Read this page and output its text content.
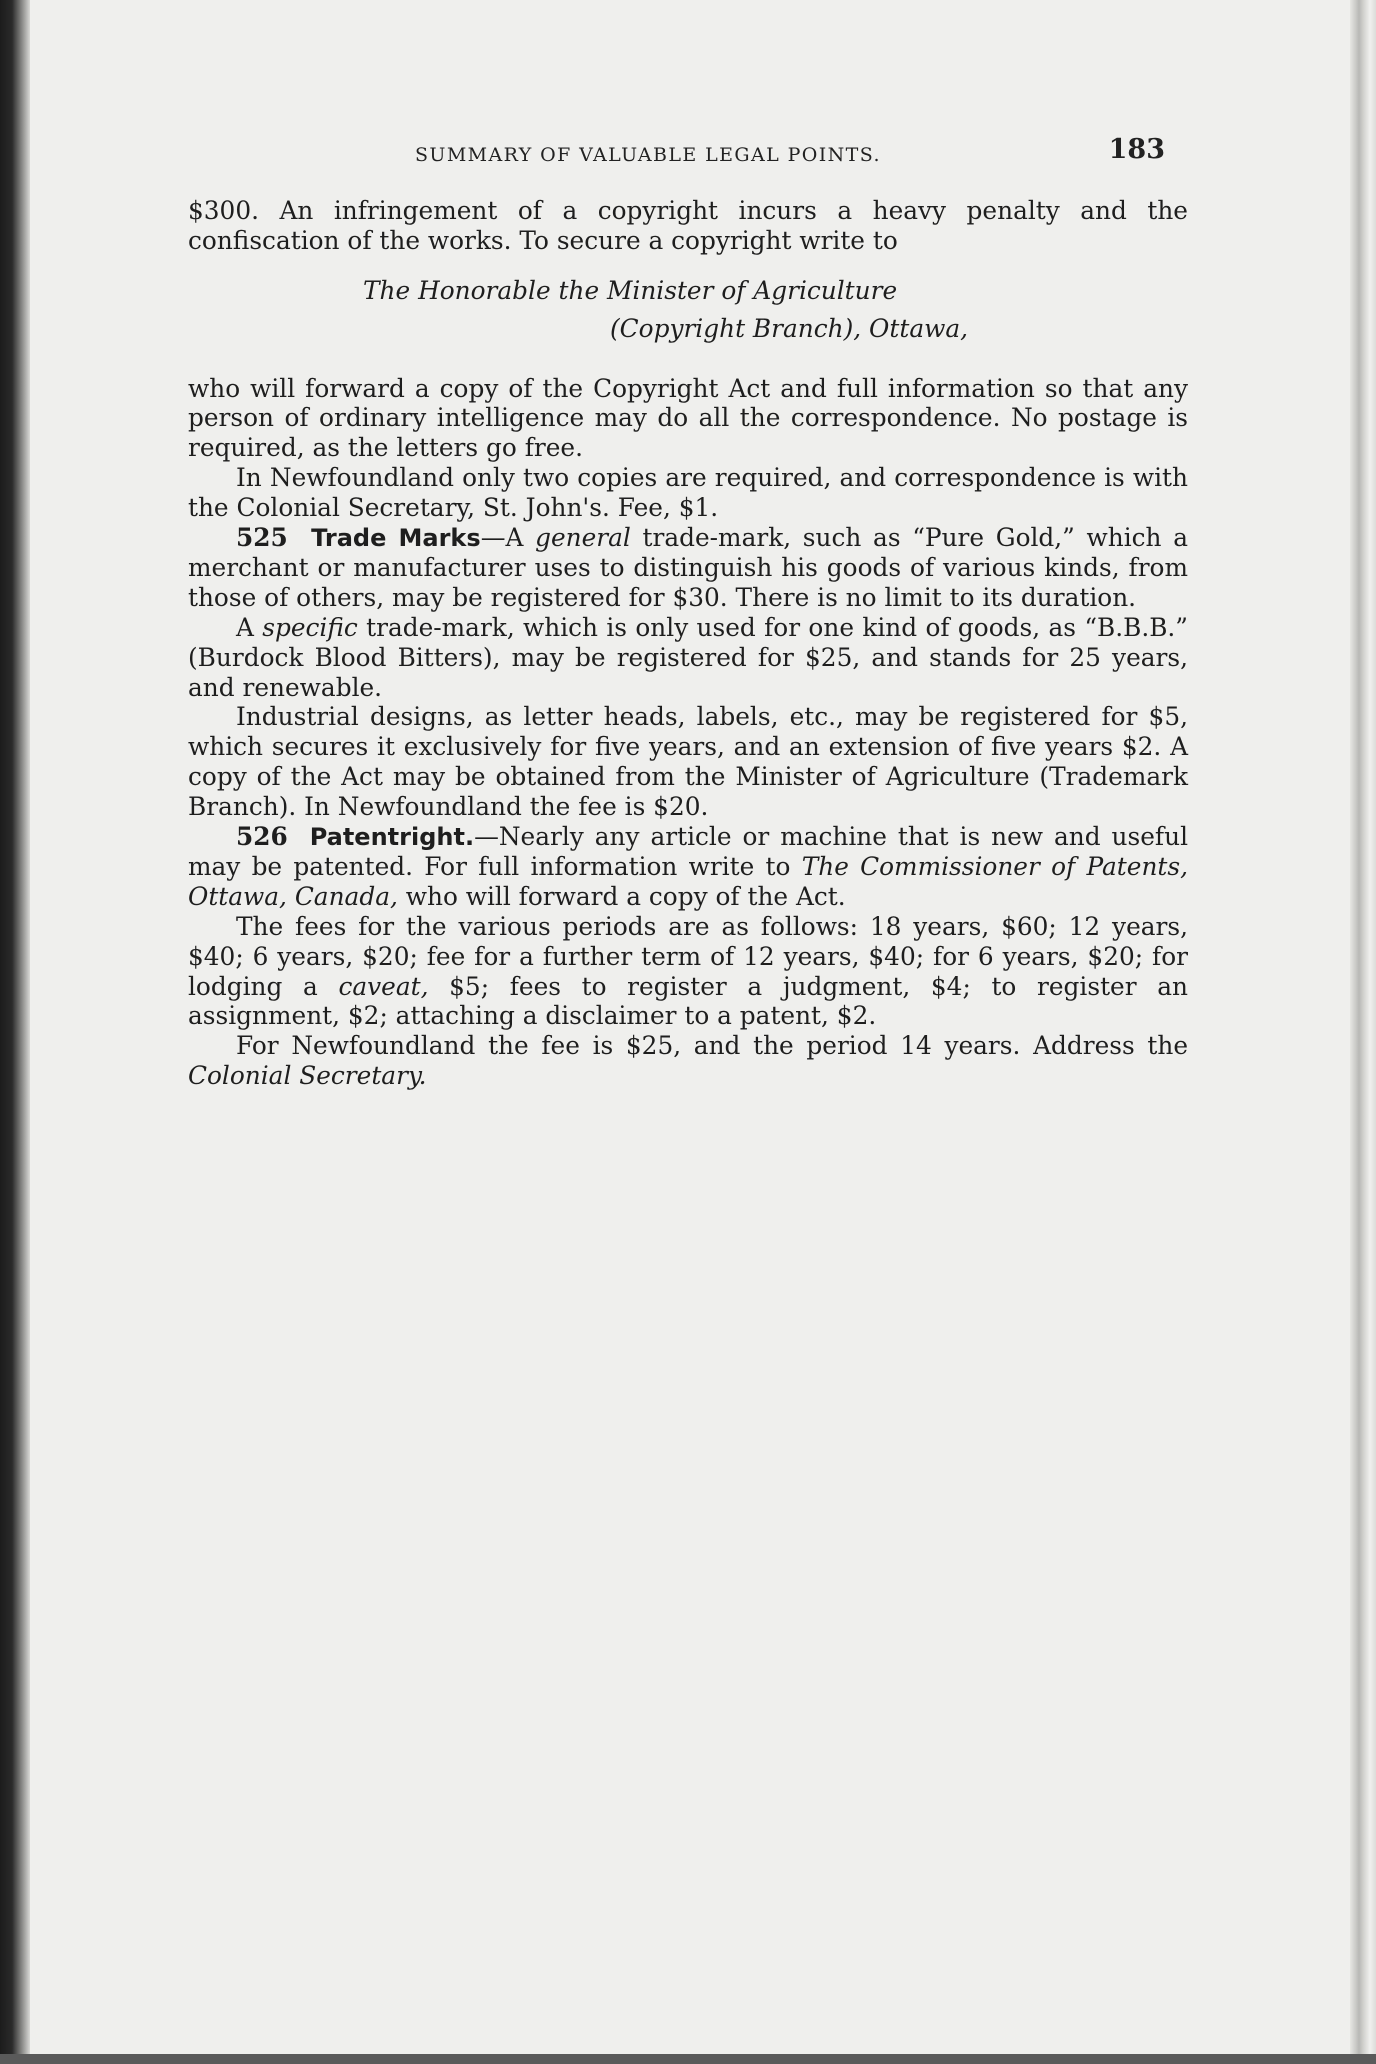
SUMMARY OF VALUABLE LEGAL POINTS.	183

$300. An infringement of a copyright incurs a heavy penalty and the confiscation of the works. To secure a copyright write to

The Honorable the Minister of Agriculture
(Copyright Branch), Ottawa,

who will forward a copy of the Copyright Act and full information so that any person of ordinary intelligence may do all the correspondence. No postage is required, as the letters go free.

In Newfoundland only two copies are required, and correspondence is with the Colonial Secretary, St. John's. Fee, $1.

525 Trade Marks—A general trade-mark, such as “Pure Gold,” which a merchant or manufacturer uses to distinguish his goods of various kinds, from those of others, may be registered for $30. There is no limit to its duration.

A specific trade-mark, which is only used for one kind of goods, as “B.B.B.” (Burdock Blood Bitters), may be registered for $25, and stands for 25 years, and renewable.

Industrial designs, as letter heads, labels, etc., may be registered for $5, which secures it exclusively for five years, and an extension of five years $2. A copy of the Act may be obtained from the Minister of Agriculture (Trademark Branch). In Newfoundland the fee is $20.

526 Patentright.—Nearly any article or machine that is new and useful may be patented. For full information write to The Commissioner of Patents, Ottawa, Canada, who will forward a copy of the Act.

The fees for the various periods are as follows: 18 years, $60; 12 years, $40; 6 years, $20; fee for a further term of 12 years, $40; for 6 years, $20; for lodging a caveat, $5; fees to register a judgment, $4; to register an assignment, $2; attaching a disclaimer to a patent, $2.

For Newfoundland the fee is $25, and the period 14 years. Address the Colonial Secretary.
